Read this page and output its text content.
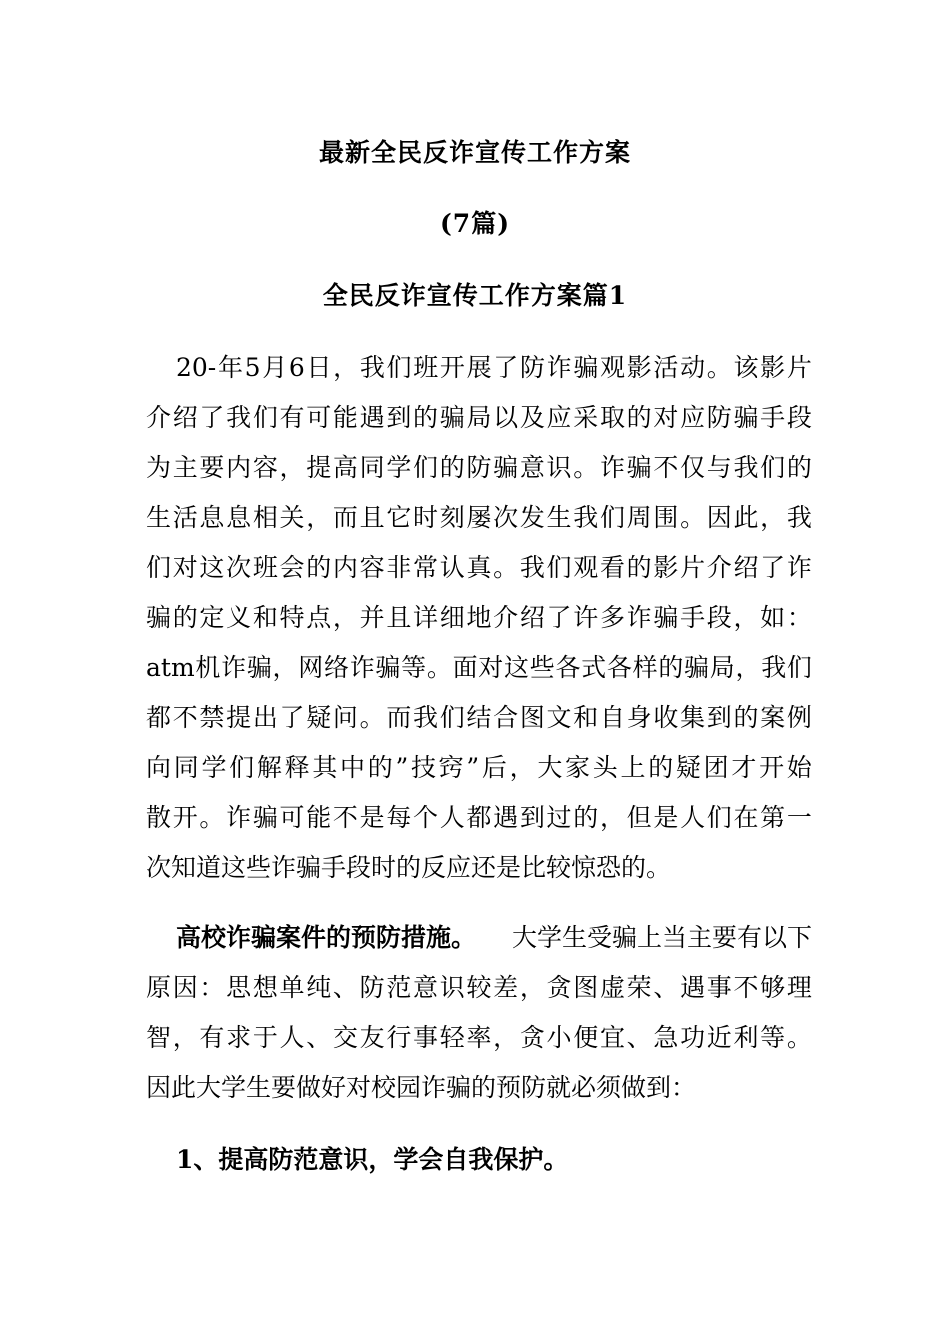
最新全民反诈宣传工作方案
(7篇)
全民反诈宣传工作方案篇1
20- 年 5 月 6 日 ， 我 们 班 开 展 了 防 诈 骗 观 影 活 动 。 该 影 片
介 绍 了 我 们 有 可 能 遇 到 的 骗 局 以 及 应 采 取 的 对 应 防 骗 手 段
为 主 要 内 容 ， 提 高 同 学 们 的 防 骗 意 识 。 诈 骗 不 仅 与 我 们 的
生 活 息 息 相 关 ， 而 且 它 时 刻 屡 次 发 生 我 们 周 围 。 因 此 ， 我
们 对 这 次 班 会 的 内 容 非 常 认 真 。 我 们 观 看 的 影 片 介 绍 了 诈
骗 的 定 义 和 特 点 ， 并 且 详 细 地 介 绍 了 许 多 诈 骗 手 段 ， 如 ：
atm 机 诈 骗 ， 网 络 诈 骗 等 。 面 对 这 些 各 式 各 样 的 骗 局 ， 我 们
都 不 禁 提 出 了 疑 问 。 而 我 们 结 合 图 文 和 自 身 收 集 到 的 案 例
向 同 学 们 解 释 其 中 的 ” 技 窍 ” 后 ， 大 家 头 上 的 疑 团 才 开 始
散 开 。 诈 骗 可 能 不 是 每 个 人 都 遇 到 过 的 ， 但 是 人 们 在 第 一
次知道这些诈骗手段时的反应还是比较惊恐的。
高校诈骗案件的预防措施。 大学生受骗上当主要有以下
原 因 ： 思 想 单 纯 、 防 范 意 识 较 差 ， 贪 图 虚 荣 、 遇 事 不 够 理
智 ， 有 求 于 人 、 交 友 行 事 轻 率 ， 贪 小 便 宜 、 急 功 近 利 等 。
因此大学生要做好对校园诈骗的预防就必须做到：
1、提高防范意识，学会自我保护。
